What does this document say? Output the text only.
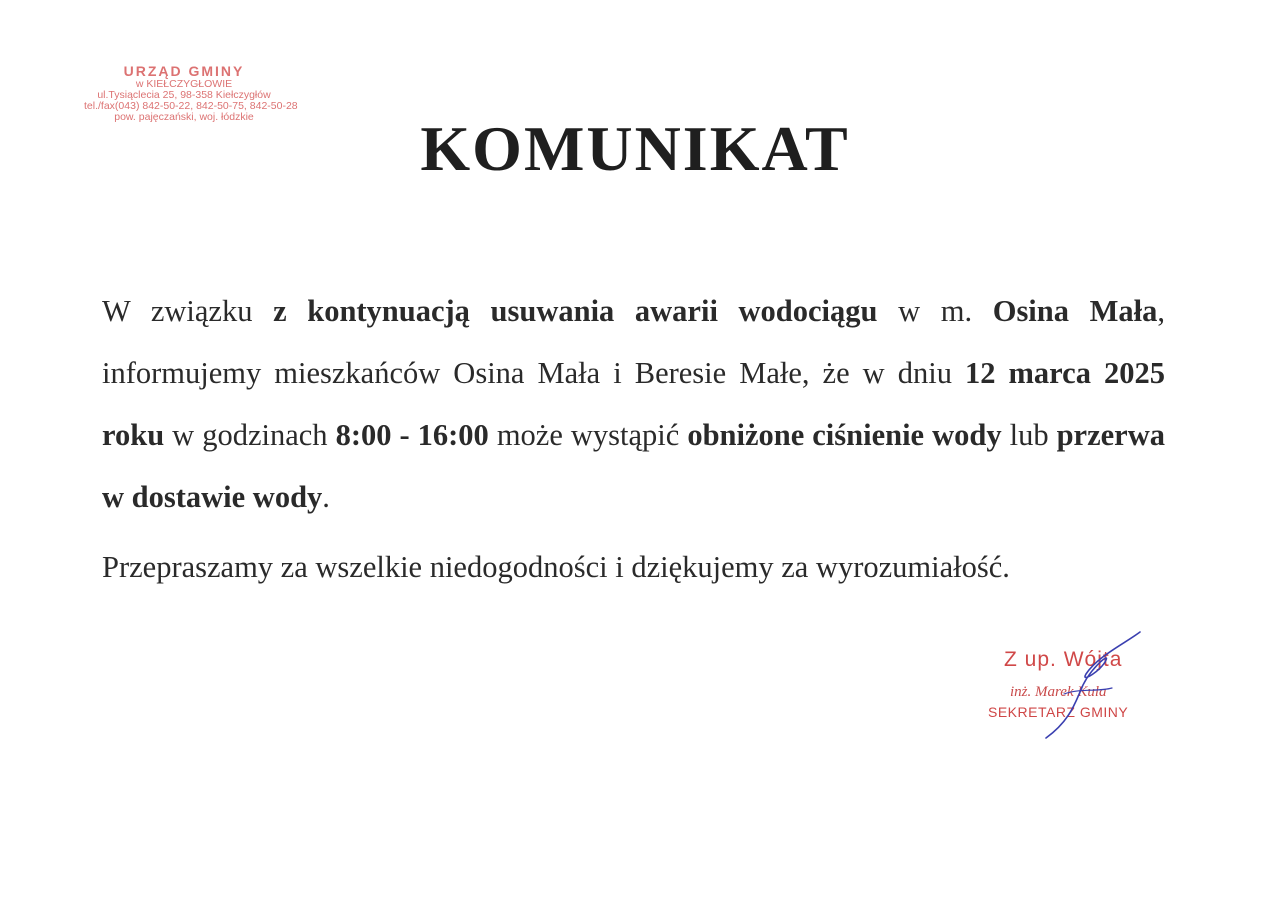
URZĄD GMINY
w KIEŁCZYGŁOWIE
ul.Tysiąclecia 25, 98-358 Kiełczygłów
tel./fax(043) 842-50-22, 842-50-75, 842-50-28
pow. pajęczański, woj. łódzkie	KOMUNIKAT

W związku z kontynuacją usuwania awarii wodociągu w m. Osina Mała, informujemy mieszkańców Osina Mała i Beresie Małe, że w dniu 12 marca 2025 roku w godzinach 8:00 - 16:00 może wystąpić obniżone ciśnienie wody lub przerwa w dostawie wody.

Przepraszamy za wszelkie niedogodności i dziękujemy za wyrozumiałość.

Z up. Wójta
inż. Marek Kula
SEKRETARZ GMINY
